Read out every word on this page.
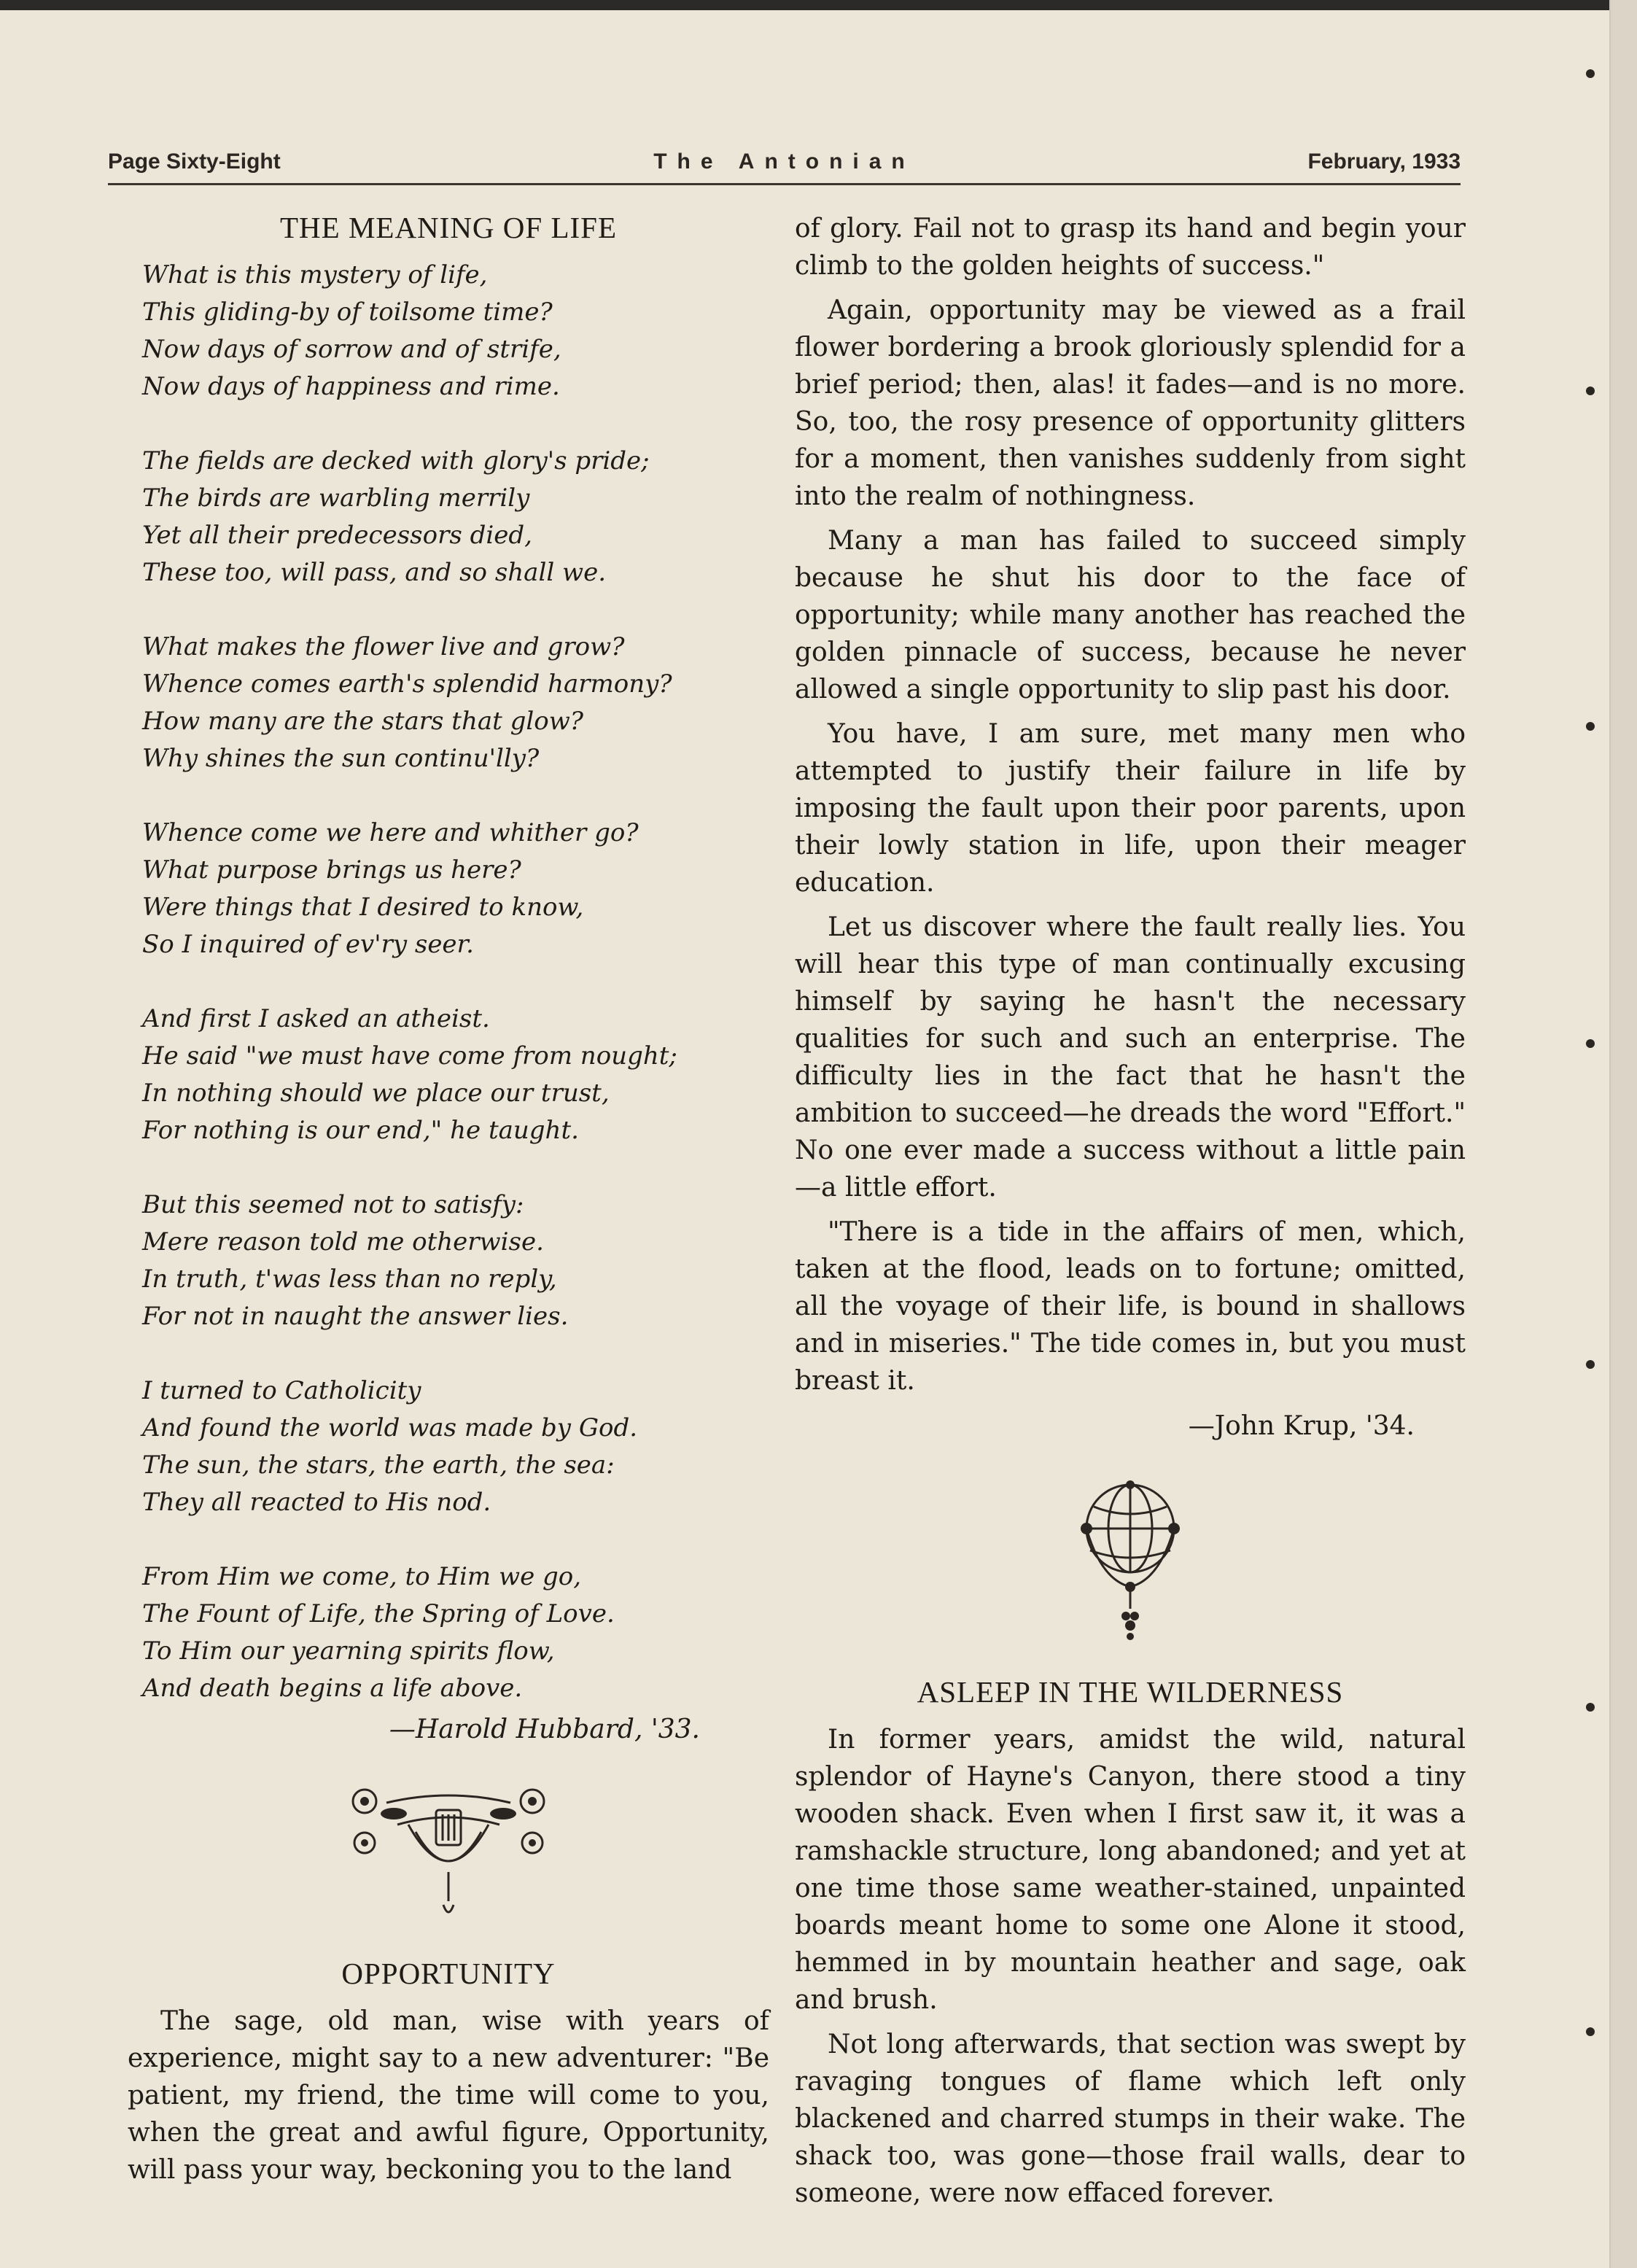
Page Sixty-Eight	The Antonian	February, 1933
THE MEANING OF LIFE
What is this mystery of life,
This gliding-by of toilsome time?
Now days of sorrow and of strife,
Now days of happiness and rime.
The fields are decked with glory's pride;
The birds are warbling merrily
Yet all their predecessors died,
These too, will pass, and so shall we.
What makes the flower live and grow?
Whence comes earth's splendid harmony?
How many are the stars that glow?
Why shines the sun continu'lly?
Whence come we here and whither go?
What purpose brings us here?
Were things that I desired to know,
So I inquired of ev'ry seer.
And first I asked an atheist.
He said "we must have come from nought;
In nothing should we place our trust,
For nothing is our end," he taught.
But this seemed not to satisfy:
Mere reason told me otherwise.
In truth, t'was less than no reply,
For not in naught the answer lies.
I turned to Catholicity
And found the world was made by God.
The sun, the stars, the earth, the sea:
They all reacted to His nod.
From Him we come, to Him we go,
The Fount of Life, the Spring of Love.
To Him our yearning spirits flow,
And death begins a life above.
—Harold Hubbard, '33.
OPPORTUNITY

The sage, old man, wise with years of experience, might say to a new adventurer: "Be patient, my friend, the time will come to you, when the great and awful figure, Opportunity, will pass your way, beckoning you to the land

of glory. Fail not to grasp its hand and begin your climb to the golden heights of success."

Again, opportunity may be viewed as a frail flower bordering a brook gloriously splendid for a brief period; then, alas! it fades—and is no more. So, too, the rosy presence of opportunity glitters for a moment, then vanishes suddenly from sight into the realm of nothingness.

Many a man has failed to succeed simply because he shut his door to the face of opportunity; while many another has reached the golden pinnacle of success, because he never allowed a single opportunity to slip past his door.

You have, I am sure, met many men who attempted to justify their failure in life by imposing the fault upon their poor parents, upon their lowly station in life, upon their meager education.

Let us discover where the fault really lies. You will hear this type of man continually excusing himself by saying he hasn't the necessary qualities for such and such an enterprise. The difficulty lies in the fact that he hasn't the ambition to succeed—he dreads the word "Effort." No one ever made a success without a little pain —a little effort.

"There is a tide in the affairs of men, which, taken at the flood, leads on to fortune; omitted, all the voyage of their life, is bound in shallows and in miseries." The tide comes in, but you must breast it.

—John Krup, '34.
ASLEEP IN THE WILDERNESS

In former years, amidst the wild, natural splendor of Hayne's Canyon, there stood a tiny wooden shack. Even when I first saw it, it was a ramshackle structure, long abandoned; and yet at one time those same weather-stained, unpainted boards meant home to some one Alone it stood, hemmed in by mountain heather and sage, oak and brush.

Not long afterwards, that section was swept by ravaging tongues of flame which left only blackened and charred stumps in their wake. The shack too, was gone—those frail walls, dear to someone, were now effaced forever.
